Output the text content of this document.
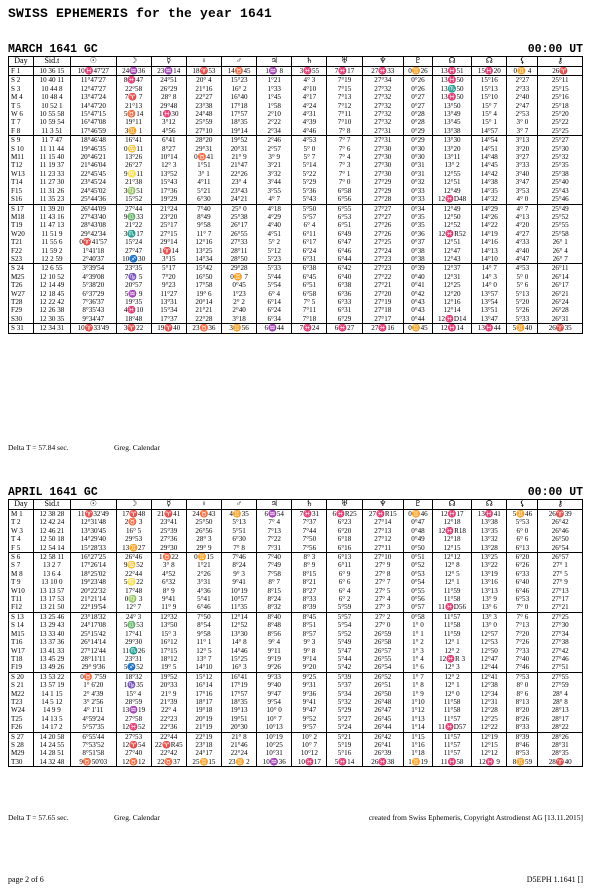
SWISS EPHEMERIS for the year 1641
MARCH 1641 GC	00:00 UT
Day	Sid.t	☉	☽	☿	♀	♂	♃	♄	♅	♆	♇	☊	☊	⚸	⚷
F 1	10 36 15	10♓47'27	24♒36	23♒14	18♈53	14♉45	1♒ 8	3♓55	7♓17	27♓33	0♊26	13♓51	15♓20	0♊ 4	26♈
S 2	10 40 11	11°47'27	8♓47	24°51	20° 4	15°23	1°21	4° 3	7°19	27°34	0°26	13♓50	15°16	2°27	25°11
S 3	10 44 8	12°47'27	22°58	26°29	21°16	16° 2	1°33	4°10	7°15	27°32	0°26	13♏50	15°13	2°33	25°15
M 4	10 48 4	13°47'24	7♈ 7	28° 8	22°27	16°40	1°45	4°17	7°13	27°32	0°27	13♓50	15°10	2°40	25°16
T 5	10 52 1	14°47'20	21°13	29°48	23°38	17°18	1°58	4°24	7°12	27°32	0°27	13°50	15° 7	2°47	25°18
W 6	10 55 58	15°47'15	5♉14	1♓30	24°48	17°57	2°10	4°31	7°11	27°32	0°28	13°49	15° 4	2°53	25°20
T 7	10 59 54	16°47'08	19°11	3°12	25°59	18°35	2°22	4°39	7°10	27°32	0°28	13°45	15° 1	3° 0	25°22
F 8	11 3 51	17°46'59	3♊ 1	4°56	27°10	19°14	2°34	4°46	7° 8	27°31	0°29	13°38	14°57	3° 7	25°25
S 9	11 7 47	18°46'48	16°41	6°41	28°20	19°52	2°46	4°53	7° 7	27°31	0°29	13°30	14°54	3°13	25°27
S 10	11 11 44	19°46'35	0♋11	8°27	29°31	20°31	2°57	5° 0	7° 6	27°30	0°30	13°20	14°51	3°20	25°30
M11	11 15 40	20°46'21	13°26	10°14	0♉41	21° 9	3° 9	5° 7	7° 4	27°30	0°30	13°11	14°48	3°27	25°32
T12	11 19 37	21°46'04	26°27	12° 3	1°51	21°47	3°21	5°14	7° 3	27°30	0°31	13° 2	14°45	3°33	25°35
W13	11 23 33	22°45'45	9♌11	13°52	3° 1	22°26	3°32	5°22	7° 1	27°30	0°31	12°55	14°42	3°40	25°38
T14	11 27 30	23°45'24	21°38	15°43	4°11	23° 4	3°44	5°29	7° 0	27°29	0°32	12°51	14°38	3°47	25°40
F15	11 31 26	24°45'02	3♍51	17°36	5°21	23°43	3°55	5°36	6°58	27°29	0°33	12°49	14°35	3°53	25°43
S16	11 35 23	25°44'36	15°52	19°29	6°30	24°21	4° 7	5°43	6°56	27°28	0°33	12♓D48	14°32	4° 0	25°46
S 17	11 39 20	26°44'09	27°44	21°24	7°40	25° 0	4°18	5°50	6°55	27°27	0°34	12°49	14°29	4° 7	25°49
M18	11 43 16	27°43'40	9♎33	23°20	8°49	25°38	4°29	5°57	6°53	27°27	0°35	12°50	14°26	4°13	25°52
T19	11 47 13	28°43'08	21°22	25°17	9°58	26°17	4°40	6° 4	6°51	27°26	0°35	12°52	14°22	4°20	25°55
W20	11 51 9	29°42'34	3♏17	27°15	11° 7	26°55	4°51	6°11	6°49	27°26	0°36	12♓R52	14°19	4°27	25°58
T21	11 55 6	0♈41'57	15°24	29°14	12°16	27°33	5° 2	6°17	6°47	27°25	0°37	12°51	14°16	4°33	26° 1
F22	11 59 2	1°41'18	27°47	1♈14	13°25	28°11	5°12	6°24	6°46	27°24	0°38	12°47	14°13	4°40	26° 4
S23	12 2 59	2°40'37	10♐30	3°15	14°34	28°50	5°23	6°31	6°44	27°23	0°38	12°43	14°10	4°47	26° 7
S 24	12 6 55	3°39'54	23°35	5°17	15°42	29°28	5°33	6°38	6°42	27°23	0°39	12°37	14° 7	4°53	26°11
M25	12 10 52	4°39'08	7♑ 5	7°20	16°50	0♊ 7	5°44	6°45	6°40	27°22	0°40	12°31	14° 3	5° 0	26°14
T26	12 14 49	5°38'20	20°57	9°23	17°58	0°45	5°54	6°51	6°38	27°21	0°41	12°25	14° 0	5° 6	26°17
W27	12 18 45	6°37'29	5♒ 9	11°27	19° 6	1°23	6° 4	6°58	6°36	27°20	0°42	12°20	13°57	5°13	26°21
T28	12 22 42	7°36'37	19°35	13°31	20°14	2° 2	6°14	7° 5	6°33	27°19	0°43	12°16	13°54	5°20	26°24
F29	12 26 38	8°35'43	4♓10	15°34	21°21	2°40	6°24	7°11	6°31	27°18	0°43	12°14	13°51	5°26	26°28
S30	12 30 35	9°34'47	18°48	17°37	22°28	3°18	6°34	7°18	6°29	27°17	0°44	12♓D14	13°47	5°33	26°31
S 31	12 34 31	10♈33'49	3♈22	19♈40	23♉36	3♊56	6♒44	7♓24	6♓27	27♓16	0♊45	12♓14	13♓44	5♊40	26♈35
Delta T = 57.84 sec.	Greg. Calendar
APRIL 1641 GC	00:00 UT
Day	Sid.t	☉	☽	☿	♀	♂	♃	♄	♅	♆	♇	☊	☊	⚸	⚷
M 1	12 38 28	11♈32'49	17♈48	21♈41	24♉43	4♊35	6♒54	7♓31	6♓R25	27♓R15	0♊46	12♓17	13♓41	5♊46	26♈39
T 2	12 42 24	12°31'48	2♉ 3	23°41	25°50	5°13	7° 4	7°37	6°23	27°14	0°47	12°18	13°38	5°53	26°42
W 3	12 46 21	13°30'45	16° 5	25°39	26°56	5°51	7°13	7°44	6°20	27°13	0°48	12♓R18	13°35	6° 0	26°46
T 4	12 50 18	14°29'40	29°53	27°36	28° 3	6°30	7°22	7°50	6°18	27°12	0°49	12°18	13°32	6° 6	26°50
F 5	12 54 14	15°28'33	13♊27	29°30	29° 9	7° 8	7°31	7°56	6°16	27°11	0°50	12°15	13°28	6°13	26°54
S 6	12 58 11	16°27'25	26°46	1♉22	0♊15	7°46	7°40	8° 3	6°13	27°10	0°51	12°12	13°25	6°20	26°57
S 7	13 2 7	17°26'14	9♋52	3° 8	1°21	8°24	7°49	8° 9	6°11	27° 9	0°52	12° 8	13°22	6°26	27° 1
M 8	13 6 4	18°25'02	22°44	4°52	2°26	9° 3	7°58	8°15	6° 9	27° 8	0°53	12° 5	13°19	6°33	27° 5
T 9	13 10 0	19°23'48	5♌22	6°32	3°31	9°41	8° 7	8°21	6° 6	27° 7	0°54	12° 1	13°16	6°40	27° 9
W10	13 13 57	20°22'32	17°48	8° 9	4°36	10°19	8°15	8°27	6° 4	27° 5	0°55	11°59	13°13	6°46	27°13
T11	13 17 53	21°21'14	0♍ 3	9°41	5°41	10°57	8°24	8°33	6° 2	27° 4	0°56	11°58	13° 9	6°53	27°17
F12	13 21 50	22°19'54	12° 7	11° 9	6°46	11°35	8°32	8°39	5°59	27° 3	0°57	11♓D56	13° 6	7° 0	27°21
S 13	13 25 46	23°18'32	24° 3	12°32	7°50	12°14	8°40	8°45	5°57	27° 2	0°58	11°57	13° 3	7° 6	27°25
S 14	13 29 43	24°17'08	5♎53	13°50	8°54	12°52	8°48	8°51	5°54	27° 0	1° 0	11°58	13° 0	7°13	27°30
M15	13 33 40	25°15'42	17°41	15° 3	9°58	13°30	8°56	8°57	5°52	26°59	1° 1	11°59	12°57	7°20	27°34
T16	13 37 36	26°14'14	29°30	16°12	11° 1	14° 8	9° 4	9° 3	5°49	26°58	1° 2	12° 1	12°53	7°26	27°38
W17	13 41 33	27°12'44	11♏26	17°15	12° 5	14°46	9°11	9° 8	5°47	26°57	1° 3	12° 2	12°50	7°33	27°42
T18	13 45 29	28°11'11	23°31	18°12	13° 7	15°25	9°19	9°14	5°44	26°55	1° 4	12♓R 3	12°47	7°40	27°46
F19	13 49 26	29° 9'36	5♐52	19° 5	14°10	16° 3	9°26	9°20	5°42	26°54	1° 6	12° 3	12°44	7°46	27°51
S 20	13 53 22	0♉ 7'59	18°32	19°52	15°12	16°41	9°33	9°25	5°39	26°52	1° 7	12° 2	12°41	7°53	27°55
S 21	13 57 19	1° 6'20	1♑35	20°33	16°14	17°19	9°40	9°31	5°37	26°51	1° 8	12° 1	12°38	8° 0	27°59
M22	14 1 15	2° 4'39	15° 4	21° 9	17°16	17°57	9°47	9°36	5°34	26°50	1° 9	12° 0	12°34	8° 6	28° 4
T23	14 5 12	3° 2'56	28°59	21°39	18°17	18°35	9°54	9°41	5°32	26°48	1°10	11°58	12°31	8°13	28° 8
W24	14 9 9	4° 1'11	13♒19	22° 4	19°18	19°13	10° 0	9°47	5°29	26°47	1°12	11°58	12°28	8°20	28°13
T25	14 13 5	4°59'24	27°58	22°23	20°19	19°51	10° 7	9°52	5°27	26°45	1°13	11°57	12°25	8°26	28°17
F26	14 17 2	5°57'35	12♓52	22°36	21°19	20°30	10°13	9°57	5°24	26°44	1°14	11♓D57	12°22	8°33	28°22
S 27	14 20 58	6°55'44	27°53	22°44	22°19	21° 8	10°19	10° 2	5°21	26°42	1°15	11°57	12°19	8°39	28°26
S 28	14 24 55	7°53'52	12♈54	22♈R45	23°18	21°46	10°25	10° 7	5°19	26°41	1°16	11°57	12°15	8°46	28°31
M29	14 28 51	8°51'58	27°40	22°42	24°17	22°24	10°31	10°12	5°16	26°39	1°18	11°57	12°12	8°53	28°35
T30	14 32 48	9♉50'03	12♉12	22♉37	25♊15	23♊ 2	10♒36	10♓17	5♓14	26♓38	1♊19	11♓58	12♓ 9	8♊59	28♈40
Delta T = 57.65 sec.	Greg. Calendar	created from Swiss Ephemeris, Copyright Astrodienst AG [13.11.2015]
page 2 of 6	D5EPH 1.1641 []
